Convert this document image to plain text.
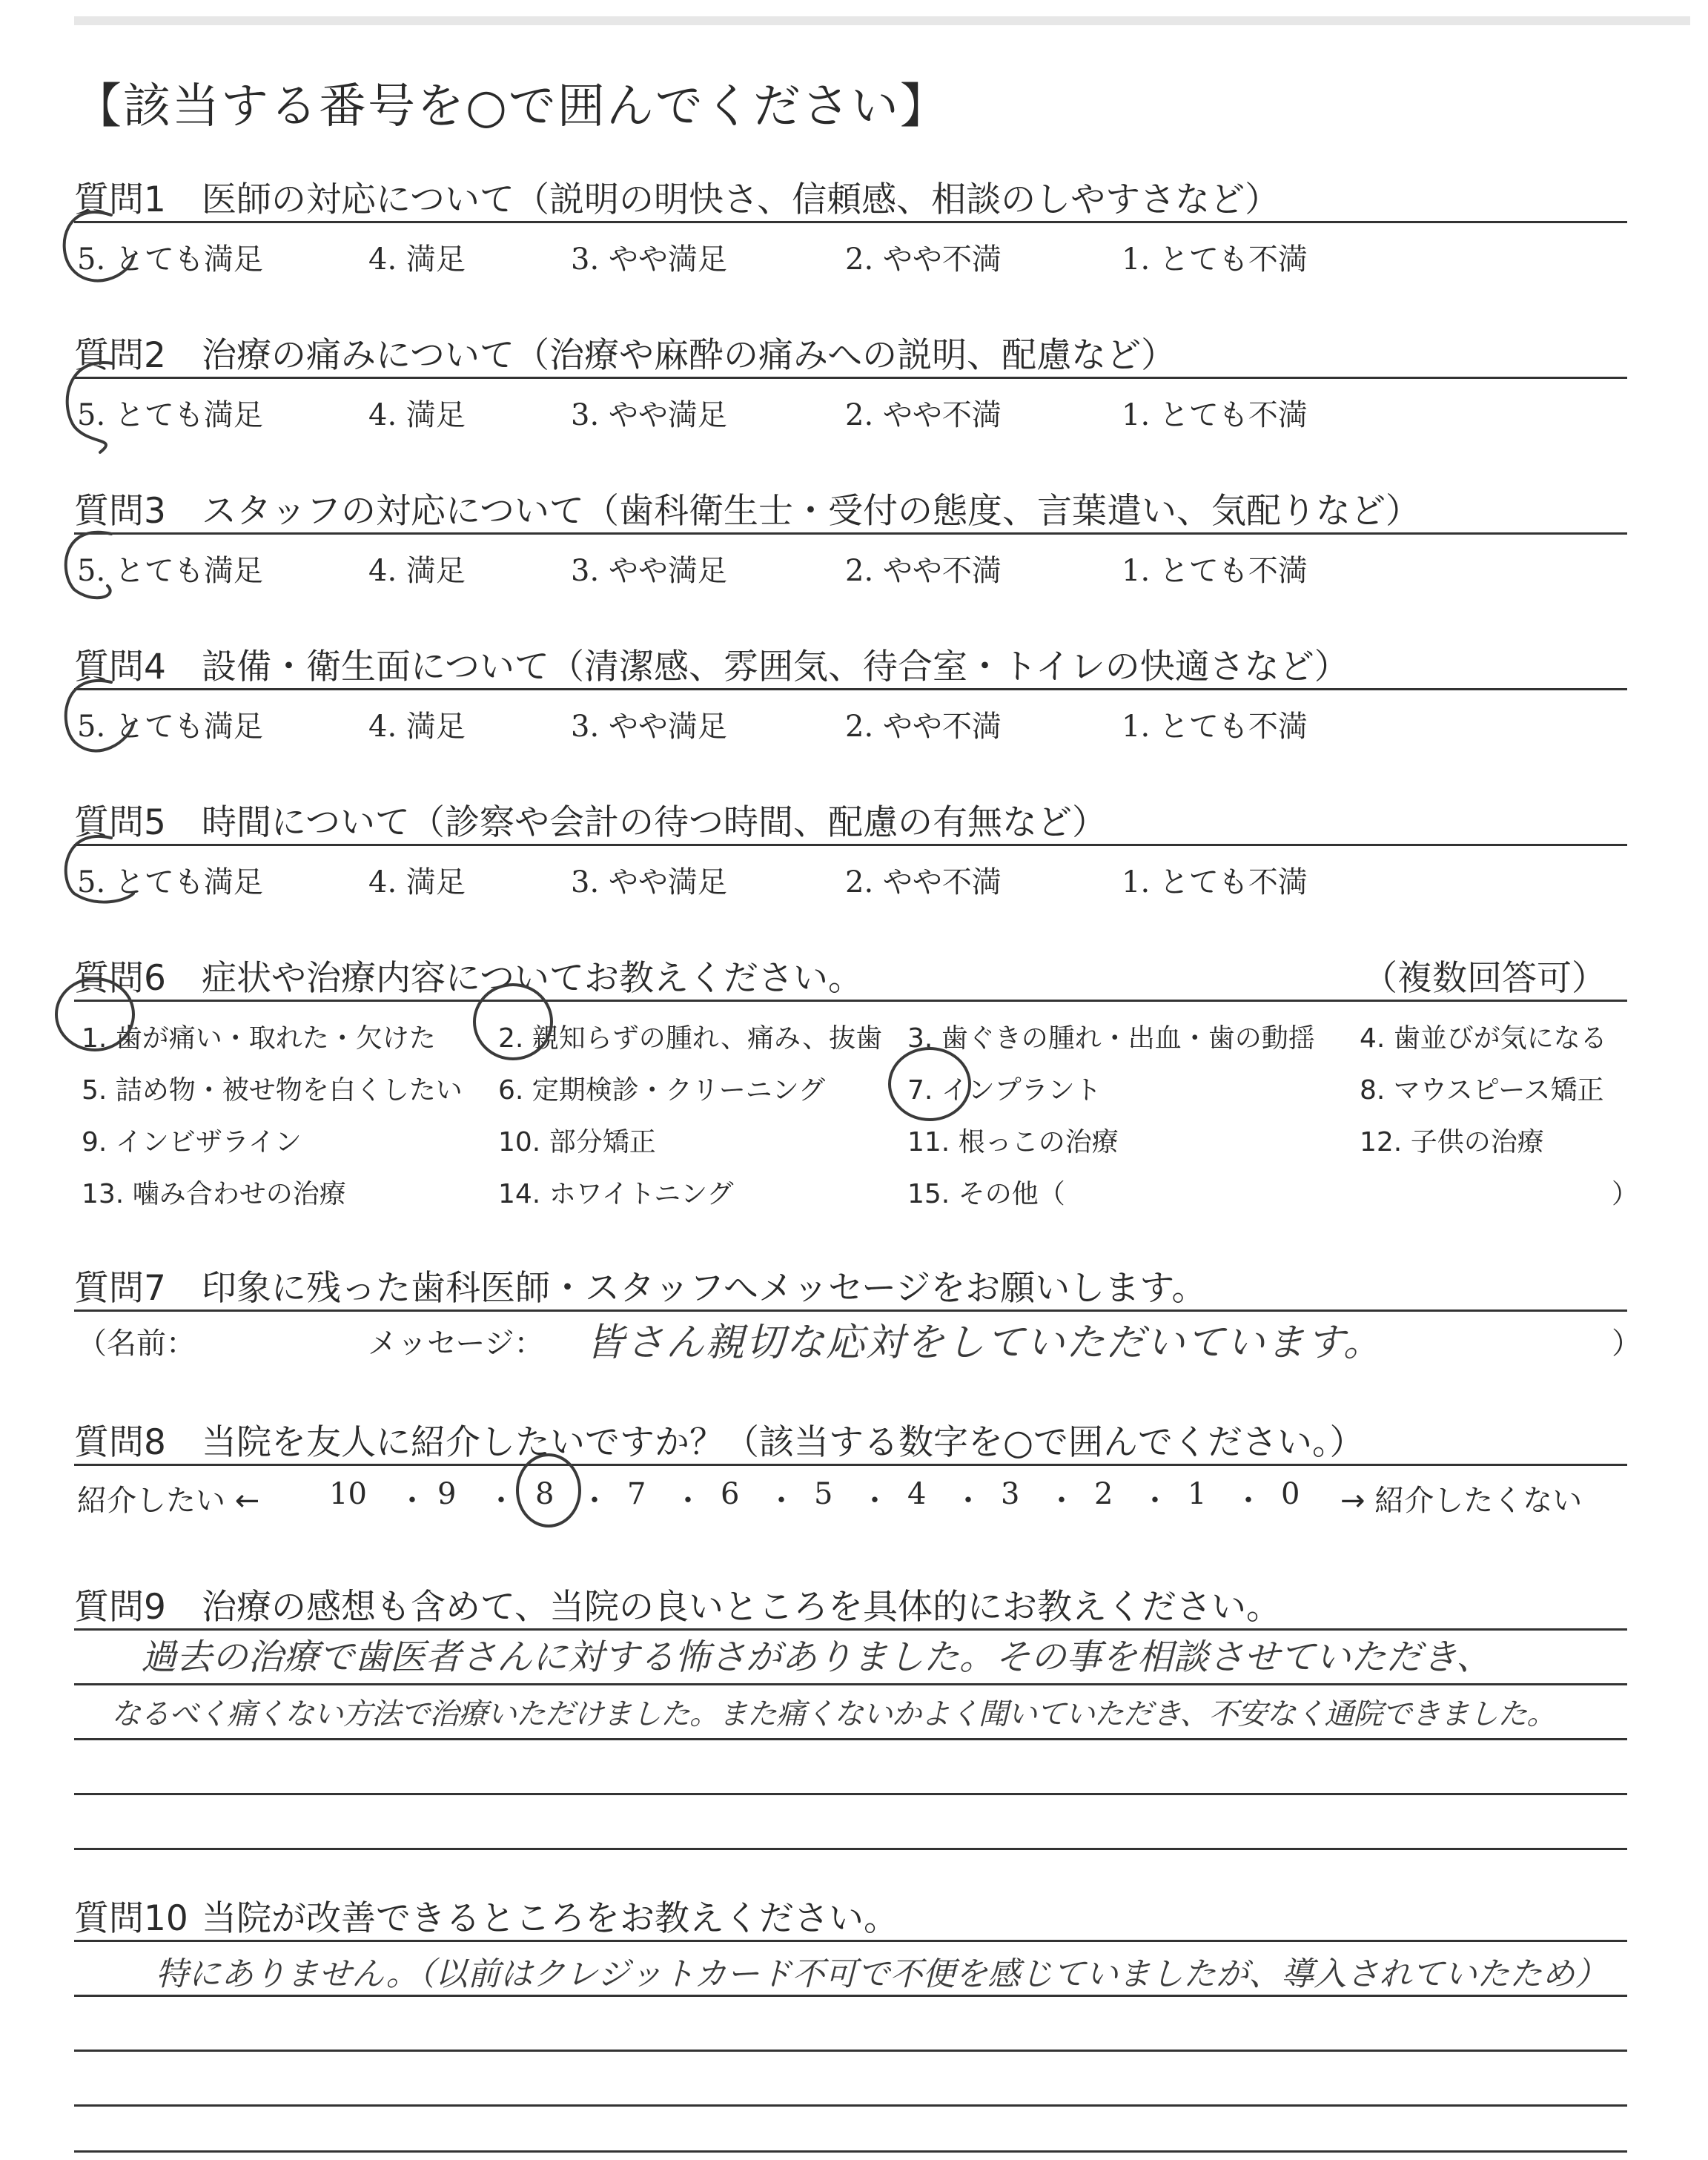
【該当する番号を○で囲んでください】
質問1 医師の対応について（説明の明快さ、信頼感、相談のしやすさなど）
5. とても満足	4. 満足	3. やや満足	2. やや不満	1. とても不満
質問2 治療の痛みについて（治療や麻酔の痛みへの説明、配慮など）
5. とても満足	4. 満足	3. やや満足	2. やや不満	1. とても不満
質問3 スタッフの対応について（歯科衛生士・受付の態度、言葉遣い、気配りなど）
5. とても満足	4. 満足	3. やや満足	2. やや不満	1. とても不満
質問4 設備・衛生面について（清潔感、雰囲気、待合室・トイレの快適さなど）
5. とても満足	4. 満足	3. やや満足	2. やや不満	1. とても不満
質問5 時間について（診察や会計の待つ時間、配慮の有無など）
5. とても満足	4. 満足	3. やや満足	2. やや不満	1. とても不満
質問6 症状や治療内容についてお教えください。	（複数回答可）
1. 歯が痛い・取れた・欠けた 2. 親知らずの腫れ、痛み、抜歯 3. 歯ぐきの腫れ・出血・歯の動揺 4. 歯並びが気になる
5. 詰め物・被せ物を白くしたい 6. 定期検診・クリーニング	7. インプラント	8. マウスピース矯正
9. インビザライン	10. 部分矯正	11. 根っこの治療	12. 子供の治療
13. 噛み合わせの治療	14. ホワイトニング	15. その他（	）
質問7 印象に残った歯科医師・スタッフへメッセージをお願いします。
（名前：	メッセージ： 皆さん親切な応対をしていただいています。	）
質問8 当院を友人に紹介したいですか？（該当する数字を○で囲んでください。）
紹介したい ← 10 ・ 9 ・ 8 ・ 7 ・ 6 ・ 5 ・ 4 ・ 3 ・ 2 ・ 1 ・ 0 → 紹介したくない
質問9 治療の感想も含めて、当院の良いところを具体的にお教えください。
過去の治療で歯医者さんに対する怖さがありました。その事を相談させていただき、
なるべく痛くない方法で治療いただけました。また痛くないかよく聞いていただき、不安なく通院できました。
質問10 当院が改善できるところをお教えください。
特にありません。（以前はクレジットカード不可で不便を感じていましたが、導入されていたため）
